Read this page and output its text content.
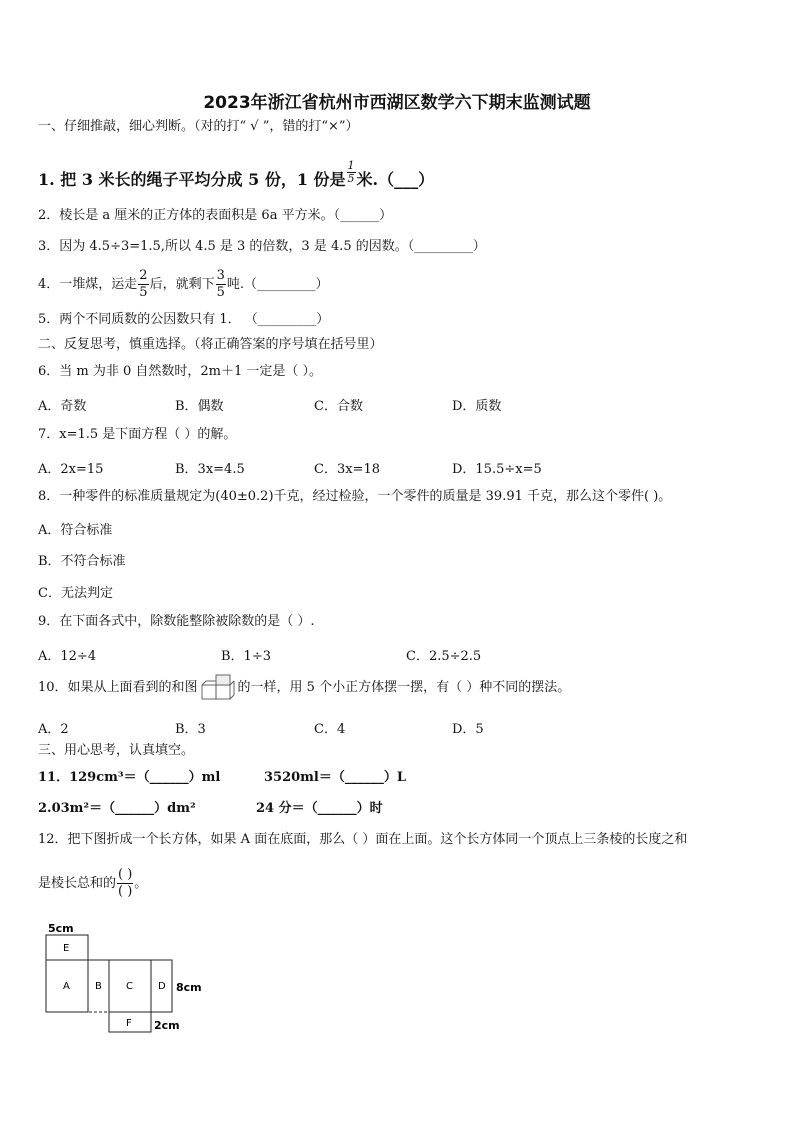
2023年浙江省杭州市西湖区数学六下期末监测试题
一、仔细推敲，细心判断。（对的打“ √ ”，错的打“×”）
1. 把 3 米长的绳子平均分成 5 份，1 份是 $\frac{1}{5}$ 米.（___）
2．棱长是 a 厘米的正方体的表面积是 6a 平方米。（______）
3．因为 4.5÷3=1.5,所以 4.5 是 3 的倍数，3 是 4.5 的因数。（_________）
4．一堆煤，运走 $\frac{2}{5}$ 后，就剩下 $\frac{3}{5}$ 吨.（_________）
5．两个不同质数的公因数只有 1． （_________）
二、反复思考，慎重选择。（将正确答案的序号填在括号里）
6．当 m 为非 0 自然数时，2m＋1 一定是（ ）。
A．奇数	B．偶数	C．合数	D．质数
7．x=1.5 是下面方程（ ）的解。
A．2x=15	B．3x=4.5	C．3x=18	D．15.5÷x=5
8．一种零件的标准质量规定为(40±0.2)千克，经过检验，一个零件的质量是 39.91 千克，那么这个零件( )。
A．符合标准
B．不符合标准
C．无法判定
9．在下面各式中，除数能整除被除数的是（ ）.
A．12÷4	B．1÷3	C．2.5÷2.5
10．如果从上面看到的和图	的一样，用 5 个小正方体摆一摆，有（ ）种不同的摆法。
A．2	B．3	C．4	D．5
三、用心思考，认真填空。
11．129cm³＝（______）ml	3520ml＝（______）L
2.03m²＝（______）dm²	24 分＝（______）时
12．把下图折成一个长方体，如果 A 面在底面，那么（ ）面在上面。这个长方体同一个顶点上三条棱的长度之和
是棱长总和的 $\frac{( )}{( )}$ 。
E
A	B C	D
F
5cm
8cm
2cm
